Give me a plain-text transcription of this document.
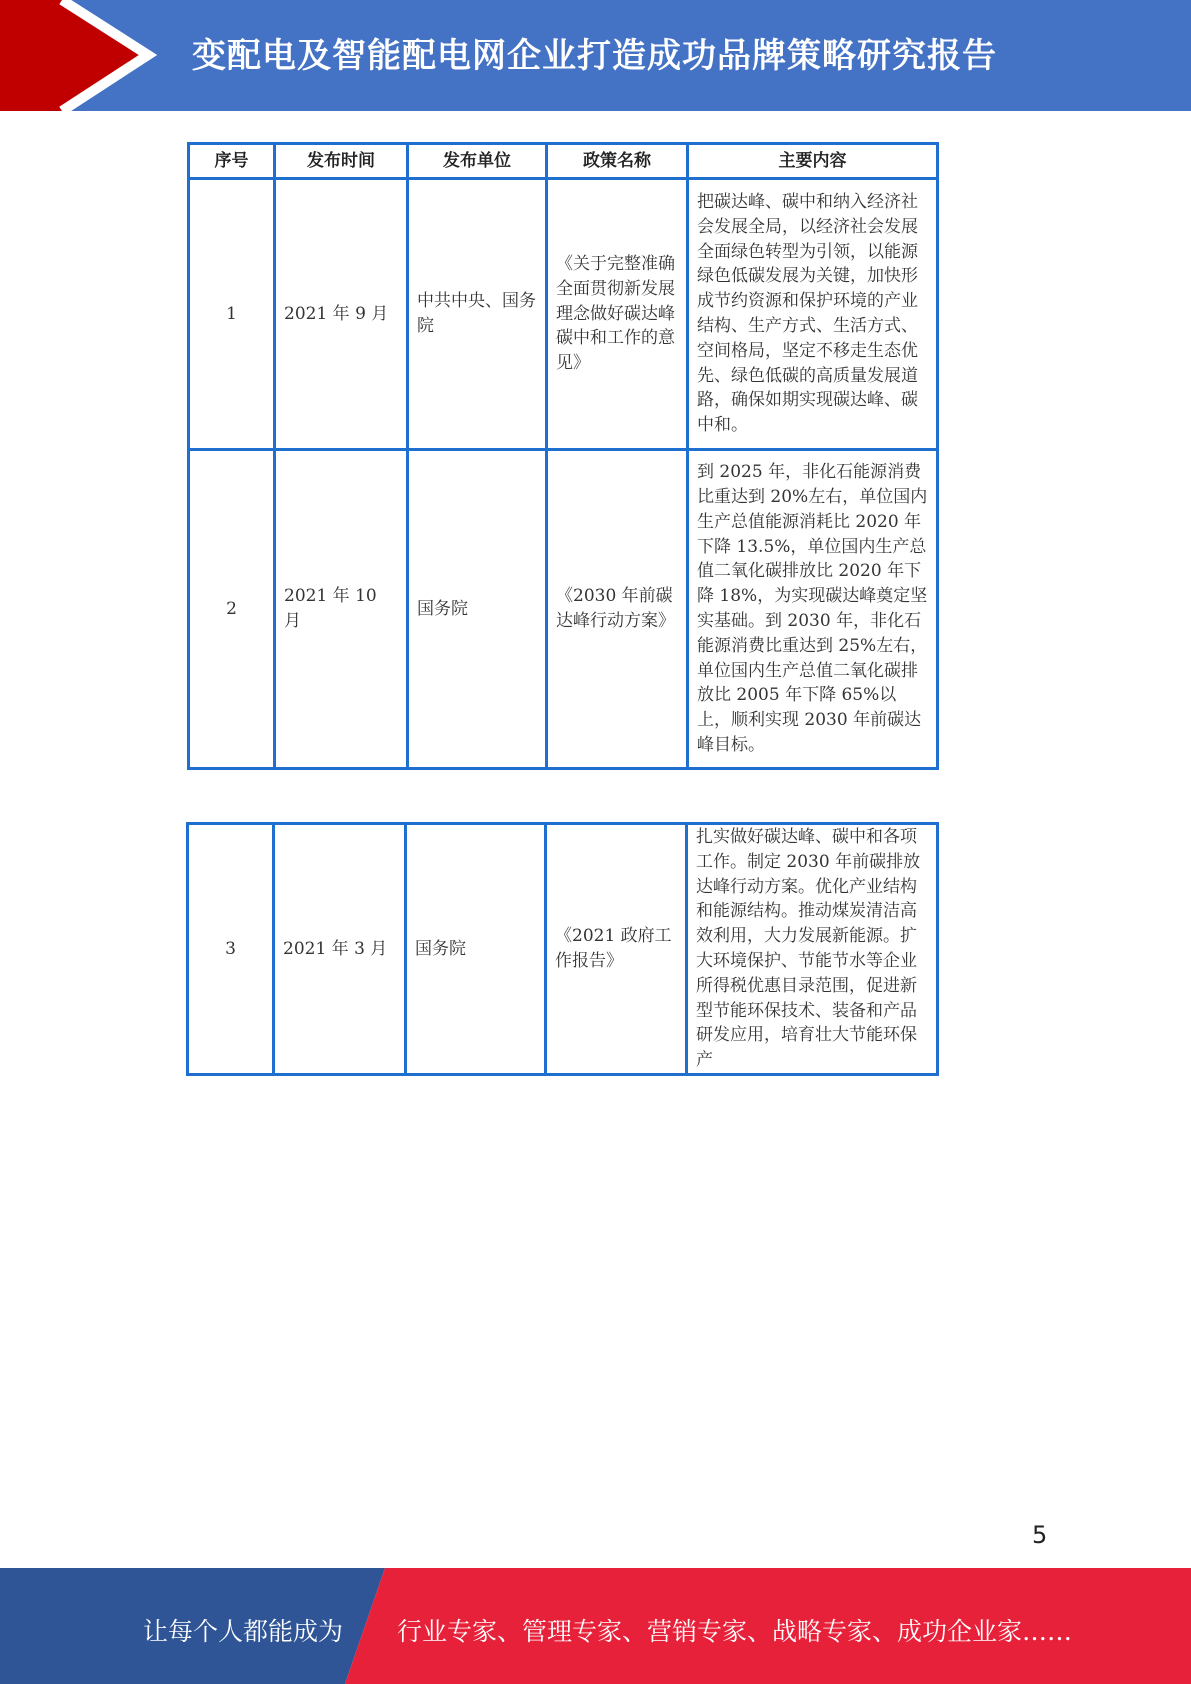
变配电及智能配电网企业打造成功品牌策略研究报告
序号	发布时间	发布单位	政策名称	主要内容
1	2021 年 9 月	中共中央、国务院	《关于完整准确全面贯彻新发展理念做好碳达峰碳中和工作的意见》	把碳达峰、碳中和纳入经济社会发展全局，以经济社会发展全面绿色转型为引领，以能源绿色低碳发展为关键，加快形成节约资源和保护环境的产业结构、生产方式、生活方式、空间格局，坚定不移走生态优先、绿色低碳的高质量发展道路，确保如期实现碳达峰、碳中和。
2	2021 年 10 月	国务院	《2030 年前碳达峰行动方案》	到 2025 年，非化石能源消费比重达到 20%左右，单位国内生产总值能源消耗比 2020 年下降 13.5%，单位国内生产总值二氧化碳排放比 2020 年下降 18%，为实现碳达峰奠定坚实基础。到 2030 年，非化石能源消费比重达到 25%左右，单位国内生产总值二氧化碳排放比 2005 年下降 65%以上，顺利实现 2030 年前碳达峰目标。
3	2021 年 3 月	国务院	《2021 政府工作报告》	扎实做好碳达峰、碳中和各项工作。制定 2030 年前碳排放达峰行动方案。优化产业结构和能源结构。推动煤炭清洁高效利用，大力发展新能源。扩大环境保护、节能节水等企业所得税优惠目录范围，促进新型节能环保技术、装备和产品研发应用，培育壮大节能环保产
5
让每个人都能成为 行业专家、管理专家、营销专家、战略专家、成功企业家……
